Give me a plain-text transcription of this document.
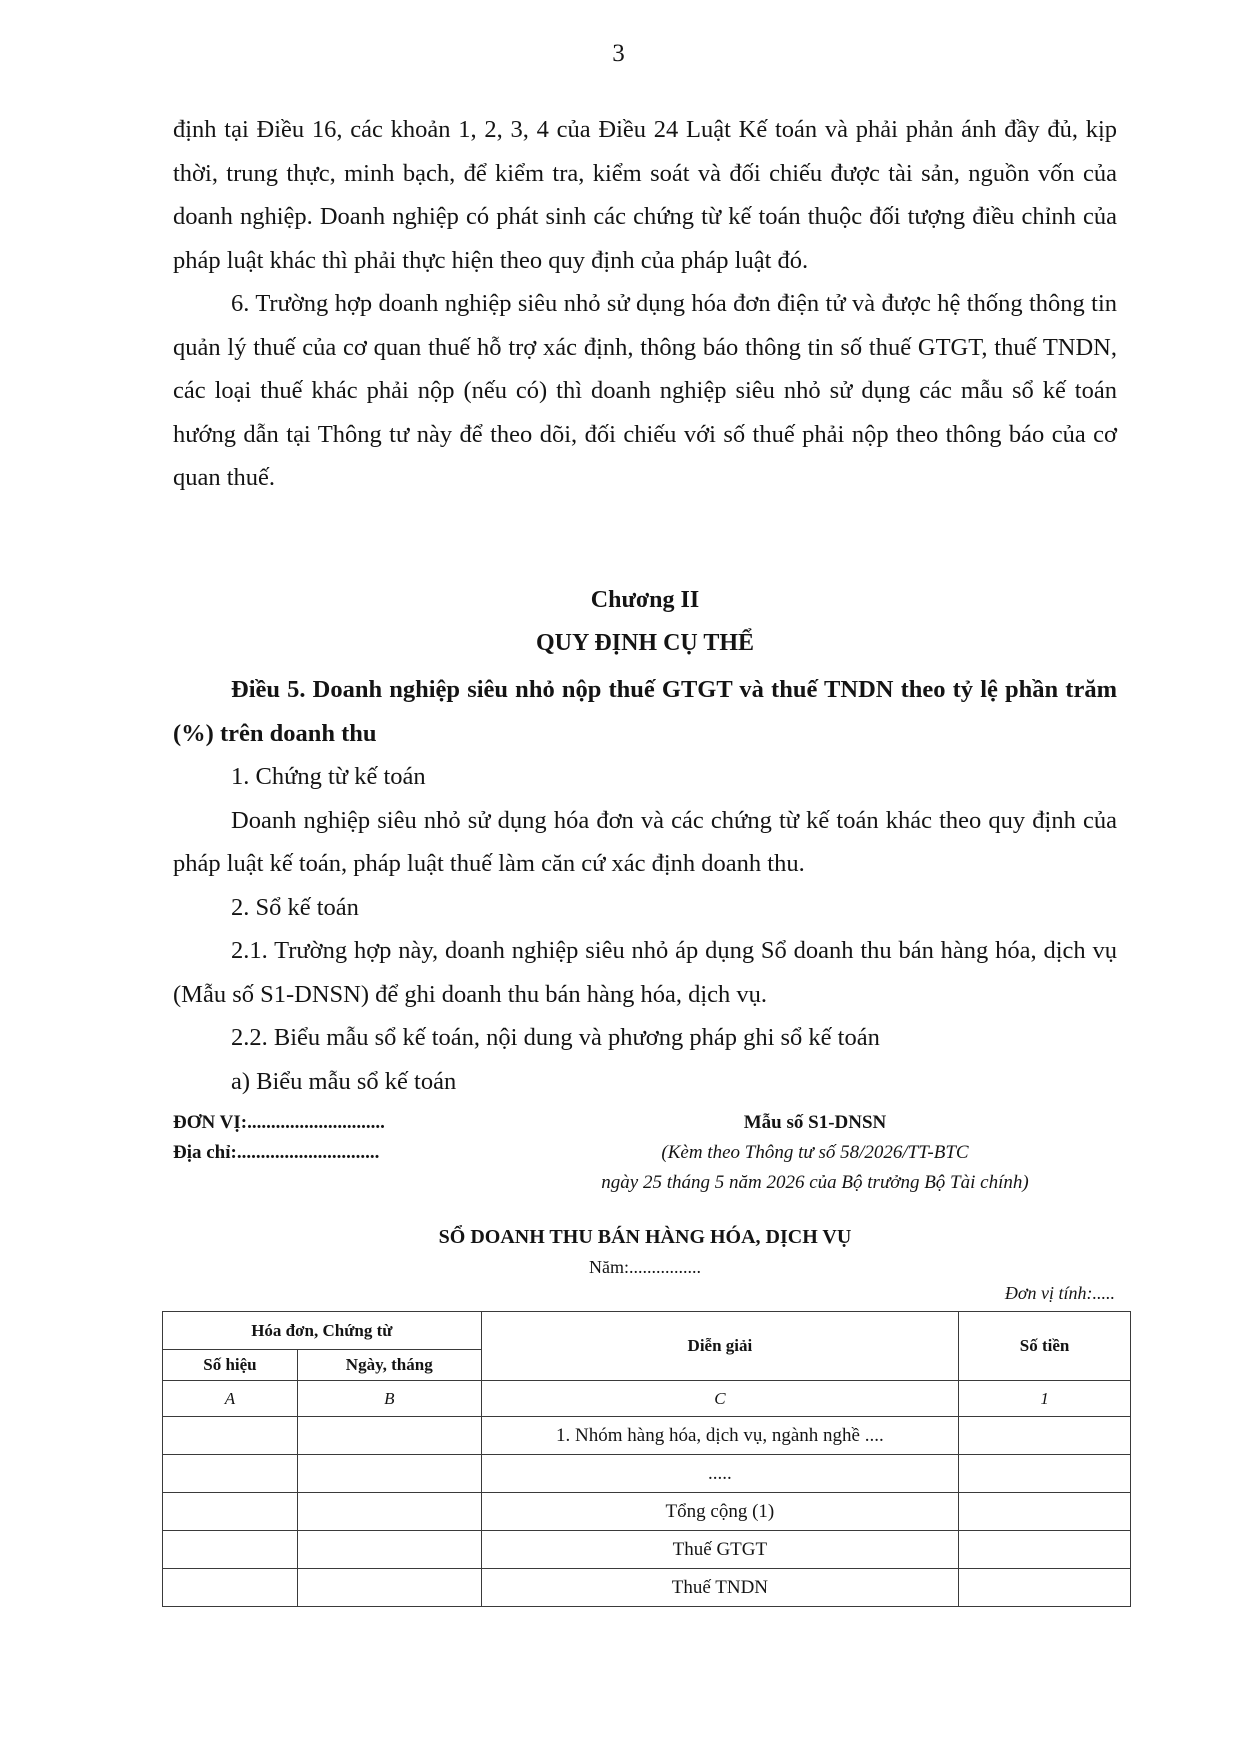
3

định tại Điều 16, các khoản 1, 2, 3, 4 của Điều 24 Luật Kế toán và phải phản ánh đầy đủ, kịp thời, trung thực, minh bạch, để kiểm tra, kiểm soát và đối chiếu được tài sản, nguồn vốn của doanh nghiệp. Doanh nghiệp có phát sinh các chứng từ kế toán thuộc đối tượng điều chỉnh của pháp luật khác thì phải thực hiện theo quy định của pháp luật đó.

6. Trường hợp doanh nghiệp siêu nhỏ sử dụng hóa đơn điện tử và được hệ thống thông tin quản lý thuế của cơ quan thuế hỗ trợ xác định, thông báo thông tin số thuế GTGT, thuế TNDN, các loại thuế khác phải nộp (nếu có) thì doanh nghiệp siêu nhỏ sử dụng các mẫu sổ kế toán hướng dẫn tại Thông tư này để theo dõi, đối chiếu với số thuế phải nộp theo thông báo của cơ quan thuế.

Chương II
QUY ĐỊNH CỤ THỂ

Điều 5. Doanh nghiệp siêu nhỏ nộp thuế GTGT và thuế TNDN theo tỷ lệ phần trăm (%) trên doanh thu

1. Chứng từ kế toán

Doanh nghiệp siêu nhỏ sử dụng hóa đơn và các chứng từ kế toán khác theo quy định của pháp luật kế toán, pháp luật thuế làm căn cứ xác định doanh thu.

2. Sổ kế toán

2.1. Trường hợp này, doanh nghiệp siêu nhỏ áp dụng Sổ doanh thu bán hàng hóa, dịch vụ (Mẫu số S1-DNSN) để ghi doanh thu bán hàng hóa, dịch vụ.

2.2. Biểu mẫu sổ kế toán, nội dung và phương pháp ghi sổ kế toán

a) Biểu mẫu sổ kế toán

ĐƠN VỊ:.............................
Địa chỉ:..............................
Mẫu số S1-DNSN
(Kèm theo Thông tư số 58/2026/TT-BTC
ngày 25 tháng 5 năm 2026 của Bộ trưởng Bộ Tài chính)
SỔ DOANH THU BÁN HÀNG HÓA, DỊCH VỤ
Năm:................
Đơn vị tính:.....
Hóa đơn, Chứng từ		Diễn giải	Số tiền
Số hiệu	Ngày, tháng		
A	B	C	1
		1. Nhóm hàng hóa, dịch vụ, ngành nghề ....	
		.....	
		Tổng cộng (1)	
		Thuế GTGT	
		Thuế TNDN	
